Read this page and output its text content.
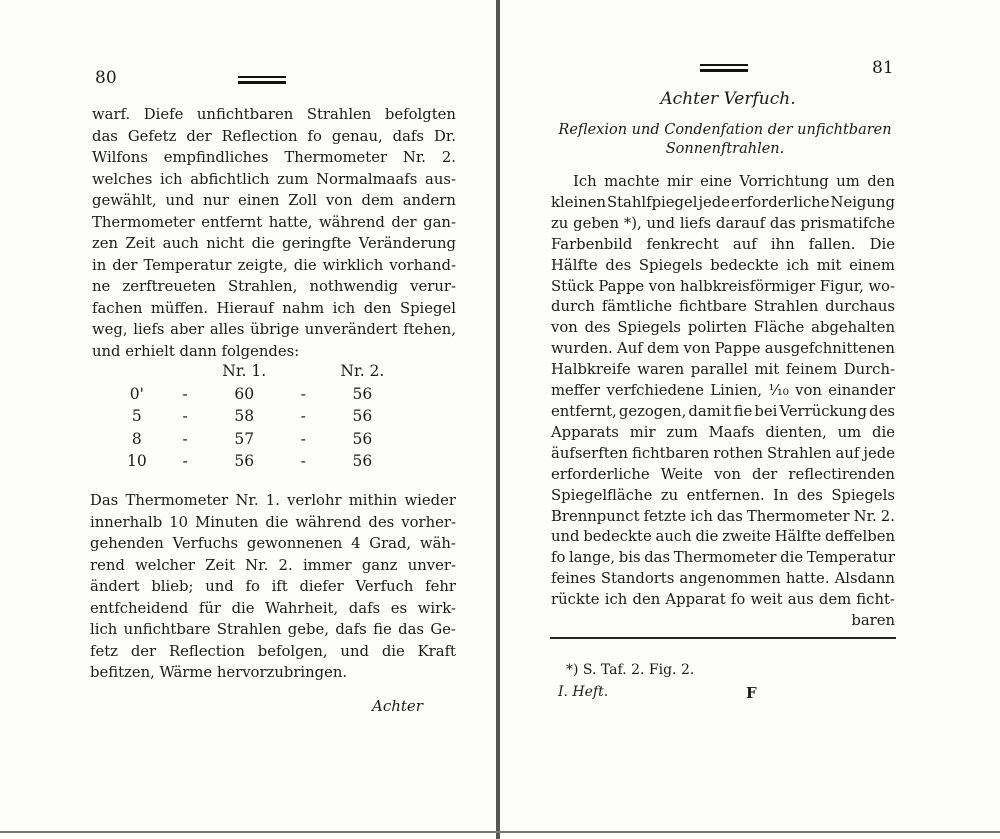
80
warf. Diefe unfichtbaren Strahlen befolgten
das Gefetz der Reflection fo genau, dafs Dr.
Wilfons empfindliches Thermometer Nr. 2.
welches ich abfichtlich zum Normalmaafs aus-
gewählt, und nur einen Zoll von dem andern
Thermometer entfernt hatte, während der gan-
zen Zeit auch nicht die geringfte Veränderung
in der Temperatur zeigte, die wirklich vorhand-
ne zerftreueten Strahlen, nothwendig verur-
fachen müffen. Hierauf nahm ich den Spiegel
weg, liefs aber alles übrige unverändert ftehen,
und erhielt dann folgendes:
		Nr. 1.		Nr. 2.
0'	-	60	-	56
5	-	58	-	56
8	-	57	-	56
10	-	56	-	56
Das Thermometer Nr. 1. verlohr mithin wieder
innerhalb 10 Minuten die während des vorher-
gehenden Verfuchs gewonnenen 4 Grad, wäh-
rend welcher Zeit Nr. 2. immer ganz unver-
ändert blieb; und fo ift diefer Verfuch fehr
entfcheidend für die Wahrheit, dafs es wirk-
lich unfichtbare Strahlen gebe, dafs fie das Ge-
fetz der Reflection befolgen, und die Kraft
befitzen, Wärme hervorzubringen.
Achter
81
Achter Verfuch.
Reflexion und Condenfation der unfichtbaren
Sonnenftrahlen.
Ich machte mir eine Vorrichtung um den
kleinen Stahlfpiegel jede erforderliche Neigung
zu geben *), und liefs darauf das prismatifche
Farbenbild fenkrecht auf ihn fallen. Die
Hälfte des Spiegels bedeckte ich mit einem
Stück Pappe von halbkreisförmiger Figur, wo-
durch fämtliche fichtbare Strahlen durchaus
von des Spiegels polirten Fläche abgehalten
wurden. Auf dem von Pappe ausgefchnittenen
Halbkreife waren parallel mit feinem Durch-
meffer verfchiedene Linien, ⅒ von einander
entfernt, gezogen, damit fie bei Verrückung des
Apparats mir zum Maafs dienten, um die
äufserften fichtbaren rothen Strahlen auf jede
erforderliche Weite von der reflectirenden
Spiegelfläche zu entfernen. In des Spiegels
Brennpunct fetzte ich das Thermometer Nr. 2.
und bedeckte auch die zweite Hälfte deffelben
fo lange, bis das Thermometer die Temperatur
feines Standorts angenommen hatte. Alsdann
rückte ich den Apparat fo weit aus dem ficht-
baren
*) S. Taf. 2. Fig. 2.
I. Heft.	F
